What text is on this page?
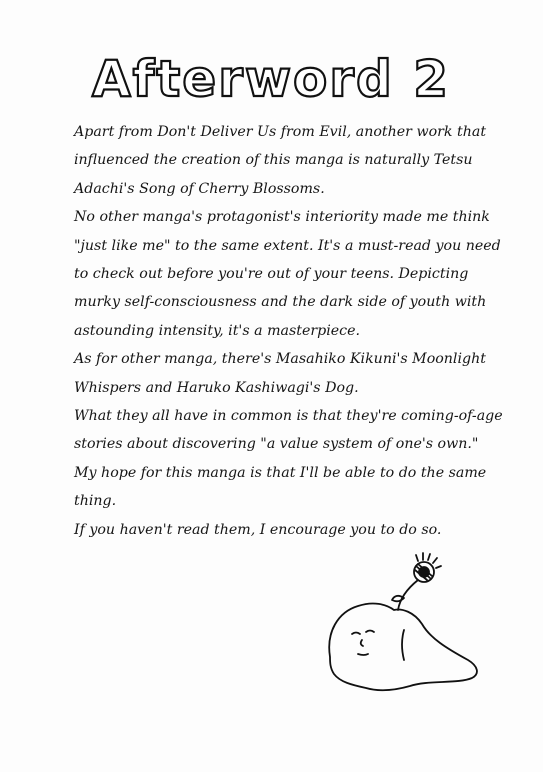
Afterword 2

Apart from Don't Deliver Us from Evil, another work that influenced the creation of this manga is naturally Tetsu Adachi's Song of Cherry Blossoms.

No other manga's protagonist's interiority made me think "just like me" to the same extent. It's a must-read you need to check out before you're out of your teens. Depicting murky self-consciousness and the dark side of youth with astounding intensity, it's a masterpiece.

As for other manga, there's Masahiko Kikuni's Moonlight Whispers and Haruko Kashiwagi's Dog.

What they all have in common is that they're coming-of-age stories about discovering "a value system of one's own."

My hope for this manga is that I'll be able to do the same thing.

If you haven't read them, I encourage you to do so.
